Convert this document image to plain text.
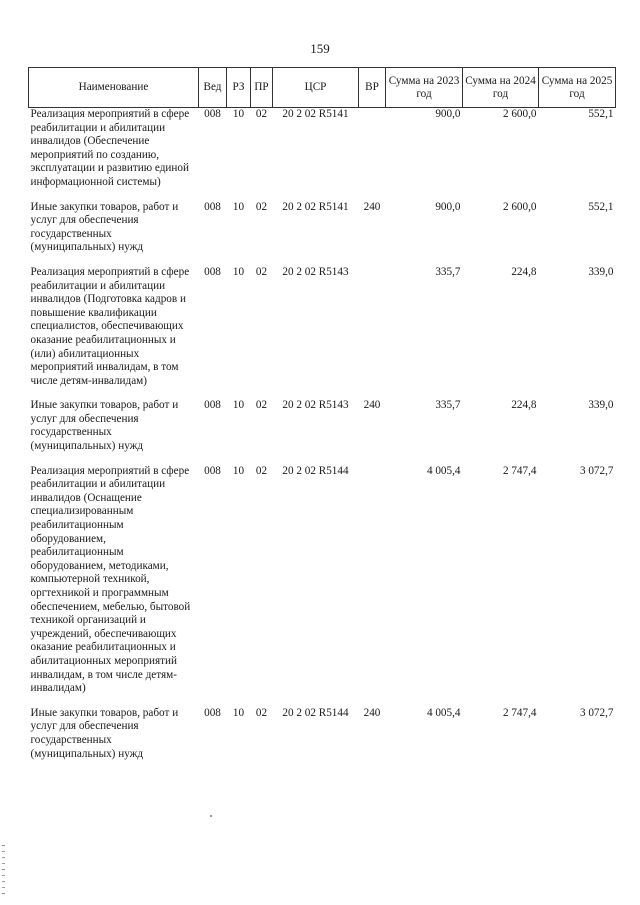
159
Наименование	Вед	РЗ	ПР	ЦСР	ВР	Сумма на 2023 год	Сумма на 2024 год	Сумма на 2025 год
Реализация мероприятий в сфере реабилитации и абилитации инвалидов (Обеспечение мероприятий по созданию, эксплуатации и развитию единой информационной системы)	008	10	02	20 2 02 R5141		900,0	2 600,0	552,1
Иные закупки товаров, работ и услуг для обеспечения государственных (муниципальных) нужд	008	10	02	20 2 02 R5141	240	900,0	2 600,0	552,1
Реализация мероприятий в сфере реабилитации и абилитации инвалидов (Подготовка кадров и повышение квалификации специалистов, обеспечивающих оказание реабилитационных и (или) абилитационных мероприятий инвалидам, в том числе детям-инвалидам)	008	10	02	20 2 02 R5143		335,7	224,8	339,0
Иные закупки товаров, работ и услуг для обеспечения государственных (муниципальных) нужд	008	10	02	20 2 02 R5143	240	335,7	224,8	339,0
Реализация мероприятий в сфере реабилитации и абилитации инвалидов (Оснащение специализированным реабилитационным оборудованием, реабилитационным оборудованием, методиками, компьютерной техникой, оргтехникой и программным обеспечением, мебелью, бытовой техникой организаций и учреждений, обеспечивающих оказание реабилитационных и абилитационных мероприятий инвалидам, в том числе детям-инвалидам)	008	10	02	20 2 02 R5144		4 005,4	2 747,4	3 072,7
Иные закупки товаров, работ и услуг для обеспечения государственных (муниципальных) нужд	008	10	02	20 2 02 R5144	240	4 005,4	2 747,4	3 072,7
